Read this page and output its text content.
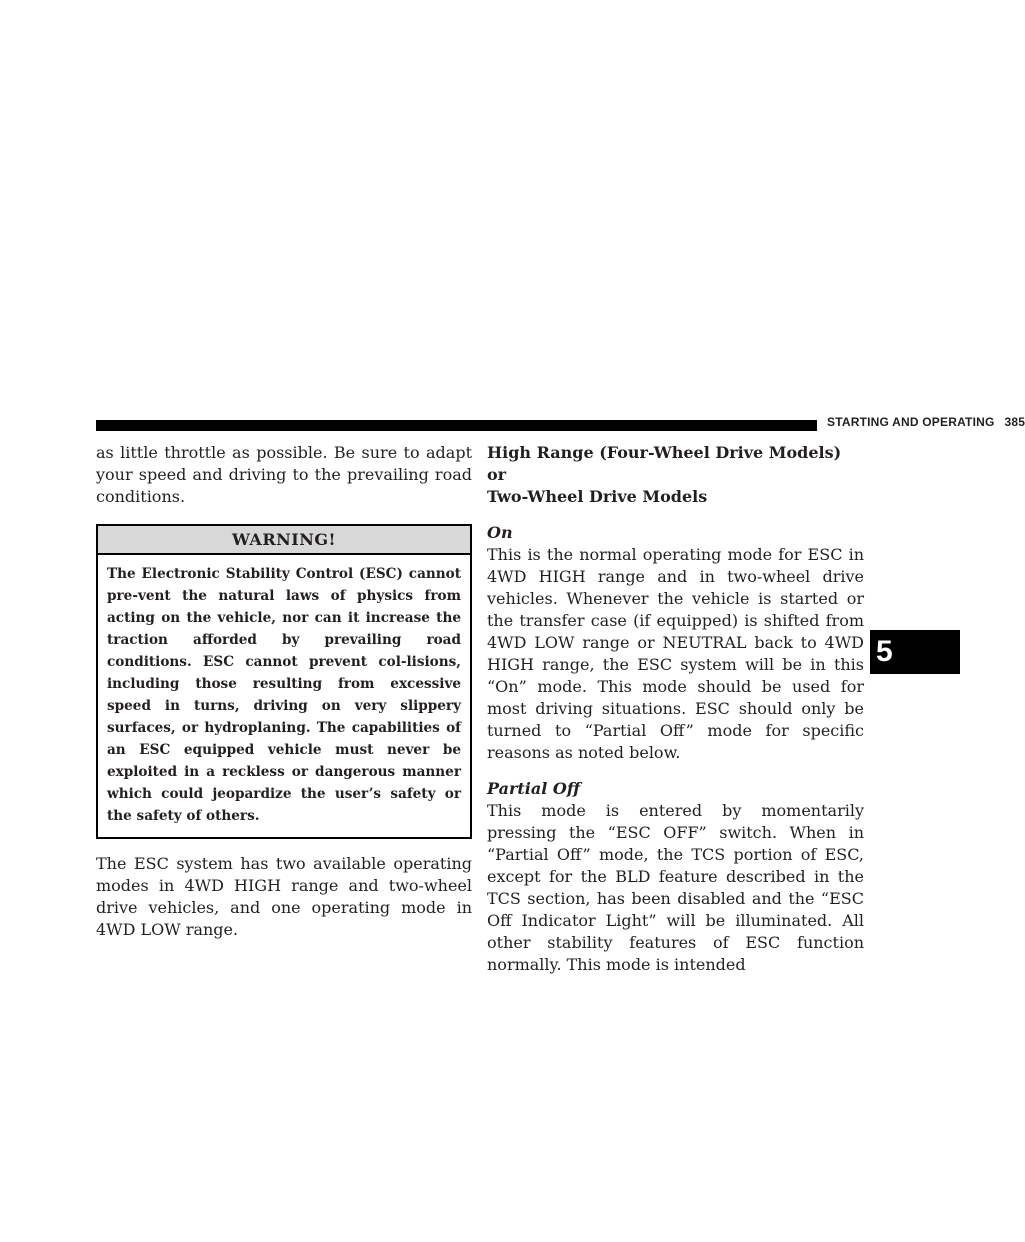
STARTING AND OPERATING 385
5

as little throttle as possible. Be sure to adapt your speed and driving to the prevailing road conditions.

WARNING!
The Electronic Stability Control (ESC) cannot pre-vent the natural laws of physics from acting on the vehicle, nor can it increase the traction afforded by prevailing road conditions. ESC cannot prevent col-lisions, including those resulting from excessive speed in turns, driving on very slippery surfaces, or hydroplaning. The capabilities of an ESC equipped vehicle must never be exploited in a reckless or dangerous manner which could jeopardize the user’s safety or the safety of others.

The ESC system has two available operating modes in 4WD HIGH range and two-wheel drive vehicles, and one operating mode in 4WD LOW range.

High Range (Four-Wheel Drive Models) or
Two-Wheel Drive Models
On

This is the normal operating mode for ESC in 4WD HIGH range and in two-wheel drive vehicles. Whenever the vehicle is started or the transfer case (if equipped) is shifted from 4WD LOW range or NEUTRAL back to 4WD HIGH range, the ESC system will be in this “On” mode. This mode should be used for most driving situations. ESC should only be turned to “Partial Off” mode for specific reasons as noted below.

Partial Off

This mode is entered by momentarily pressing the “ESC OFF” switch. When in “Partial Off” mode, the TCS portion of ESC, except for the BLD feature described in the TCS section, has been disabled and the “ESC Off Indicator Light” will be illuminated. All other stability features of ESC function normally. This mode is intended
